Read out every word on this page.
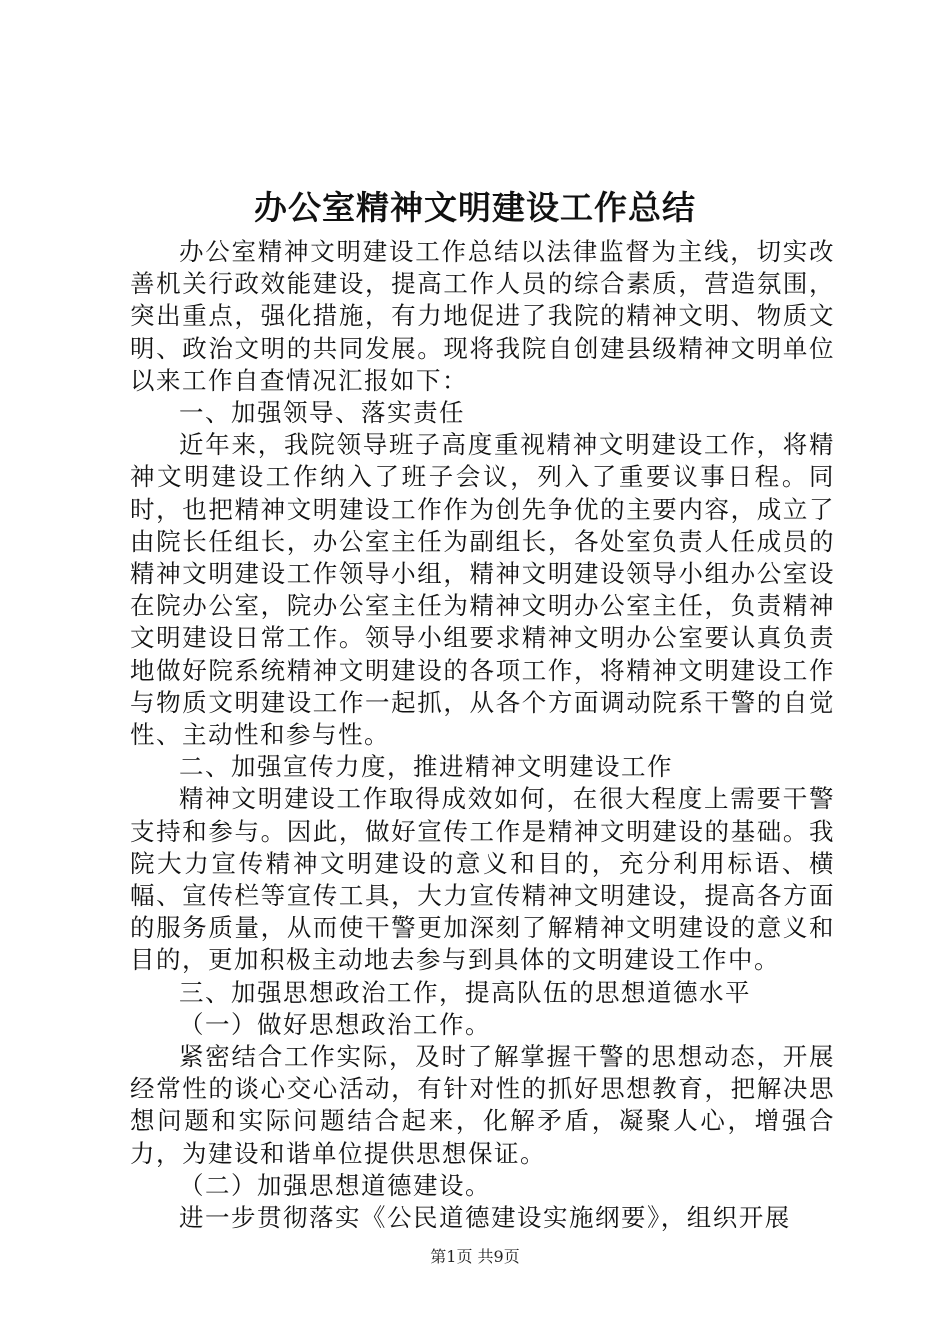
办公室精神文明建设工作总结

办公室精神文明建设工作总结以法律监督为主线，切实改善机关行政效能建设，提高工作人员的综合素质，营造氛围，突出重点，强化措施，有力地促进了我院的精神文明、物质文明、政治文明的共同发展。现将我院自创建县级精神文明单位以来工作自查情况汇报如下：

一、加强领导、落实责任

近年来，我院领导班子高度重视精神文明建设工作，将精神文明建设工作纳入了班子会议，列入了重要议事日程。同时，也把精神文明建设工作作为创先争优的主要内容，成立了由院长任组长，办公室主任为副组长，各处室负责人任成员的精神文明建设工作领导小组，精神文明建设领导小组办公室设在院办公室，院办公室主任为精神文明办公室主任，负责精神文明建设日常工作。领导小组要求精神文明办公室要认真负责地做好院系统精神文明建设的各项工作，将精神文明建设工作与物质文明建设工作一起抓，从各个方面调动院系干警的自觉性、主动性和参与性。

二、加强宣传力度，推进精神文明建设工作

精神文明建设工作取得成效如何，在很大程度上需要干警支持和参与。因此，做好宣传工作是精神文明建设的基础。我院大力宣传精神文明建设的意义和目的，充分利用标语、横幅、宣传栏等宣传工具，大力宣传精神文明建设，提高各方面的服务质量，从而使干警更加深刻了解精神文明建设的意义和目的，更加积极主动地去参与到具体的文明建设工作中。

三、加强思想政治工作，提高队伍的思想道德水平

（一）做好思想政治工作。

紧密结合工作实际，及时了解掌握干警的思想动态，开展经常性的谈心交心活动，有针对性的抓好思想教育，把解决思想问题和实际问题结合起来，化解矛盾，凝聚人心，增强合力，为建设和谐单位提供思想保证。

（二）加强思想道德建设。

进一步贯彻落实《公民道德建设实施纲要》，组织开展

第1页 共9页
